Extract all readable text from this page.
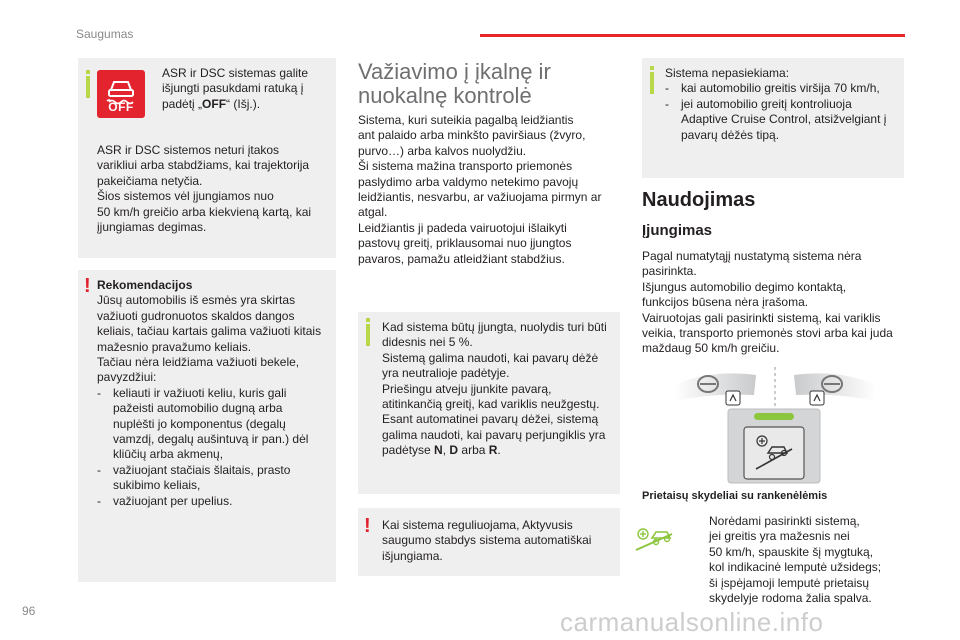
Saugumas
OFF
ASR ir DSC sistemas galite
išjungti pasukdami ratuką į
padėtį „OFF“ (Išj.).
ASR ir DSC sistemos neturi įtakos
varikliui arba stabdžiams, kai trajektorija
pakeičiama netyčia.
Šios sistemos vėl įjungiamos nuo
50 km/h greičio arba kiekvieną kartą, kai
įjungiamas degimas.
! Rekomendacijos
Jūsų automobilis iš esmės yra skirtas
važiuoti gudronuotos skaldos dangos
keliais, tačiau kartais galima važiuoti kitais
mažesnio pravažumo keliais.
Tačiau nėra leidžiama važiuoti bekele,
pavyzdžiui:
- keliauti ir važiuoti keliu, kuris gali
pažeisti automobilio dugną arba
nuplėšti jo komponentus (degalų
vamzdį, degalų aušintuvą ir pan.) dėl
kliūčių arba akmenų,
- važiuojant stačiais šlaitais, prasto
sukibimo keliais,
- važiuojant per upelius.
Važiavimo į įkalnę ir
nuokalnę kontrolė
Sistema, kuri suteikia pagalbą leidžiantis
ant palaido arba minkšto paviršiaus (žvyro,
purvo…) arba kalvos nuolydžiu.
Ši sistema mažina transporto priemonės
paslydimo arba valdymo netekimo pavojų
leidžiantis, nesvarbu, ar važiuojama pirmyn ar
atgal.
Leidžiantis ji padeda vairuotojui išlaikyti
pastovų greitį, priklausomai nuo įjungtos
pavaros, pamažu atleidžiant stabdžius.
Kad sistema būtų įjungta, nuolydis turi būti
didesnis nei 5 %.
Sistemą galima naudoti, kai pavarų dėžė
yra neutralioje padėtyje.
Priešingu atveju įjunkite pavarą,
atitinkančią greitį, kad variklis neužgestų.
Esant automatinei pavarų dėžei, sistemą
galima naudoti, kai pavarų perjungiklis yra
padėtyse N, D arba R.
! Kai sistema reguliuojama, Aktyvusis
saugumo stabdys sistema automatiškai
išjungiama.
Sistema nepasiekiama:
- kai automobilio greitis viršija 70 km/h,
- jei automobilio greitį kontroliuoja
Adaptive Cruise Control, atsižvelgiant į
pavarų dėžės tipą.
Naudojimas
Įjungimas
Pagal numatytąjį nustatymą sistema nėra
pasirinkta.
Išjungus automobilio degimo kontaktą,
funkcijos būsena nėra įrašoma.
Vairuotojas gali pasirinkti sistemą, kai variklis
veikia, transporto priemonės stovi arba kai juda
maždaug 50 km/h greičiu.
Prietaisų skydeliai su rankenėlėmis
Norėdami pasirinkti sistemą,
jei greitis yra mažesnis nei
50 km/h, spauskite šį mygtuką,
kol indikacinė lemputė užsidegs;
ši įspėjamoji lemputė prietaisų
skydelyje rodoma žalia spalva.
96	carmanualsonline.info
